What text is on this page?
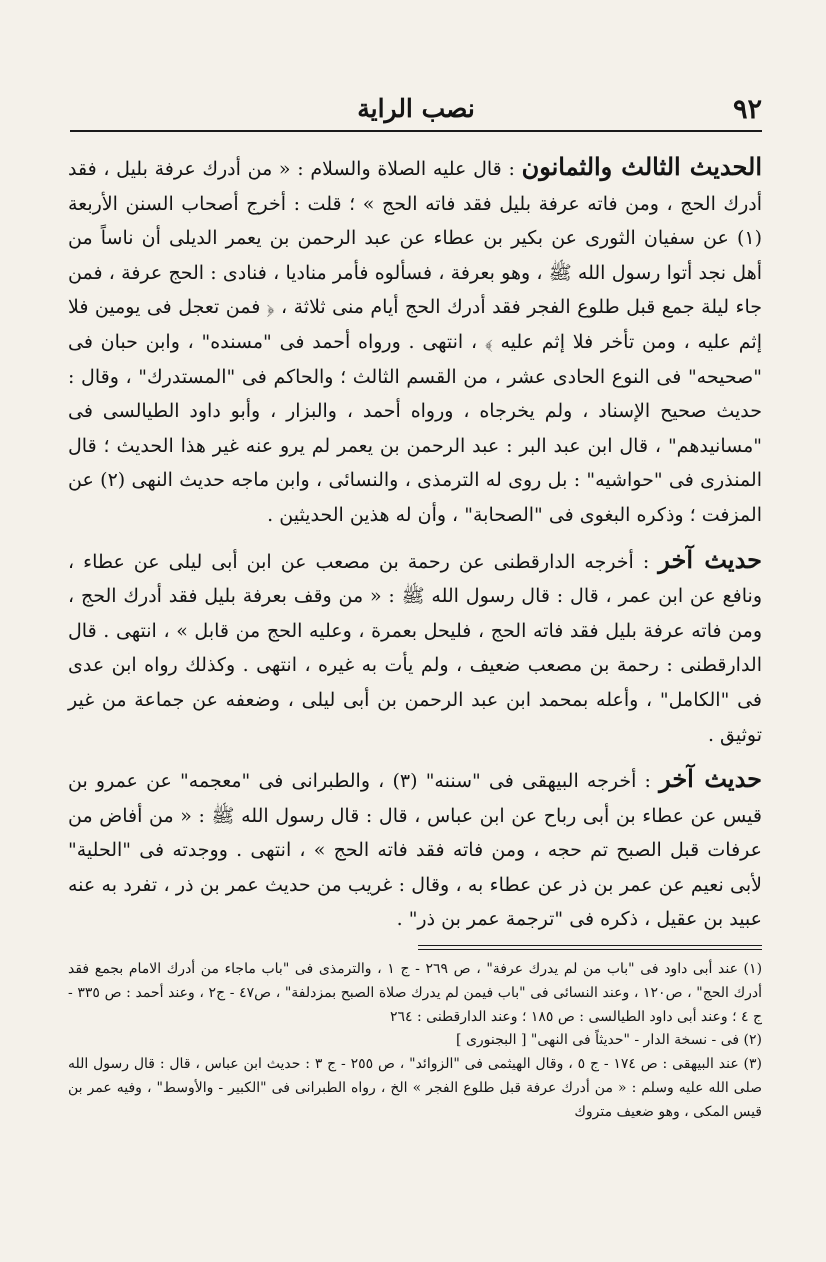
٩٢
نصب الراية

الحديث الثالث والثمانون : قال عليه الصلاة والسلام : « من أدرك عرفة بليل ، فقد أدرك الحج ، ومن فاته عرفة بليل فقد فاته الحج » ؛ قلت : أخرج أصحاب السنن الأربعة (١) عن سفيان الثورى عن بكير بن عطاء عن عبد الرحمن بن يعمر الديلى أن ناساً من أهل نجد أتوا رسول الله ﷺ ، وهو بعرفة ، فسألوه فأمر مناديا ، فنادى : الحج عرفة ، فمن جاء ليلة جمع قبل طلوع الفجر فقد أدرك الحج أيام منى ثلاثة ، ﴿ فمن تعجل فى يومين فلا إثم عليه ، ومن تأخر فلا إثم عليه ﴾ ، انتهى . ورواه أحمد فى "مسنده" ، وابن حبان فى "صحيحه" فى النوع الحادى عشر ، من القسم الثالث ؛ والحاكم فى "المستدرك" ، وقال : حديث صحيح الإسناد ، ولم يخرجاه ، ورواه أحمد ، والبزار ، وأبو داود الطيالسى فى "مسانيدهم" ، قال ابن عبد البر : عبد الرحمن بن يعمر لم يرو عنه غير هذا الحديث ؛ قال المنذرى فى "حواشيه" : بل روى له الترمذى ، والنسائى ، وابن ماجه حديث النهى (٢) عن المزفت ؛ وذكره البغوى فى "الصحابة" ، وأن له هذين الحديثين .

حديث آخر : أخرجه الدارقطنى عن رحمة بن مصعب عن ابن أبى ليلى عن عطاء ، ونافع عن ابن عمر ، قال : قال رسول الله ﷺ : « من وقف بعرفة بليل فقد أدرك الحج ، ومن فاته عرفة بليل فقد فاته الحج ، فليحل بعمرة ، وعليه الحج من قابل » ، انتهى . قال الدارقطنى : رحمة بن مصعب ضعيف ، ولم يأت به غيره ، انتهى . وكذلك رواه ابن عدى فى "الكامل" ، وأعله بمحمد ابن عبد الرحمن بن أبى ليلى ، وضعفه عن جماعة من غير توثيق .

حديث آخر : أخرجه البيهقى فى "سننه" (٣) ، والطبرانى فى "معجمه" عن عمرو بن قيس عن عطاء بن أبى رباح عن ابن عباس ، قال : قال رسول الله ﷺ : « من أفاض من عرفات قبل الصبح تم حجه ، ومن فاته فقد فاته الحج » ، انتهى . ووجدته فى "الحلية" لأبى نعيم عن عمر بن ذر عن عطاء به ، وقال : غريب من حديث عمر بن ذر ، تفرد به عنه عبيد بن عقيل ، ذكره فى "ترجمة عمر بن ذر" .

(١) عند أبى داود فى "باب من لم يدرك عرفة" ، ص ٢٦٩ - ج ١ ، والترمذى فى "باب ماجاء من أدرك الامام بجمع فقد أدرك الحج" ، ص١٢٠ ، وعند النسائى فى "باب فيمن لم يدرك صلاة الصبح بمزدلفة" ، ص٤٧ - ج٢ ، وعند أحمد : ص ٣٣٥ - ج ٤ ؛ وعند أبى داود الطيالسى : ص ١٨٥ ؛ وعند الدارقطنى : ٢٦٤

(٢) فى - نسخة الدار - "حديثاً فى النهى" [ البجنورى ]

(٣) عند البيهقى : ص ١٧٤ - ج ٥ ، وقال الهيثمى فى "الزوائد" ، ص ٢٥٥ - ج ٣ : حديث ابن عباس ، قال : قال رسول الله صلى الله عليه وسلم : « من أدرك عرفة قبل طلوع الفجر » الخ ، رواه الطبرانى فى "الكبير - والأوسط" ، وفيه عمر بن قيس المكى ، وهو ضعيف متروك
